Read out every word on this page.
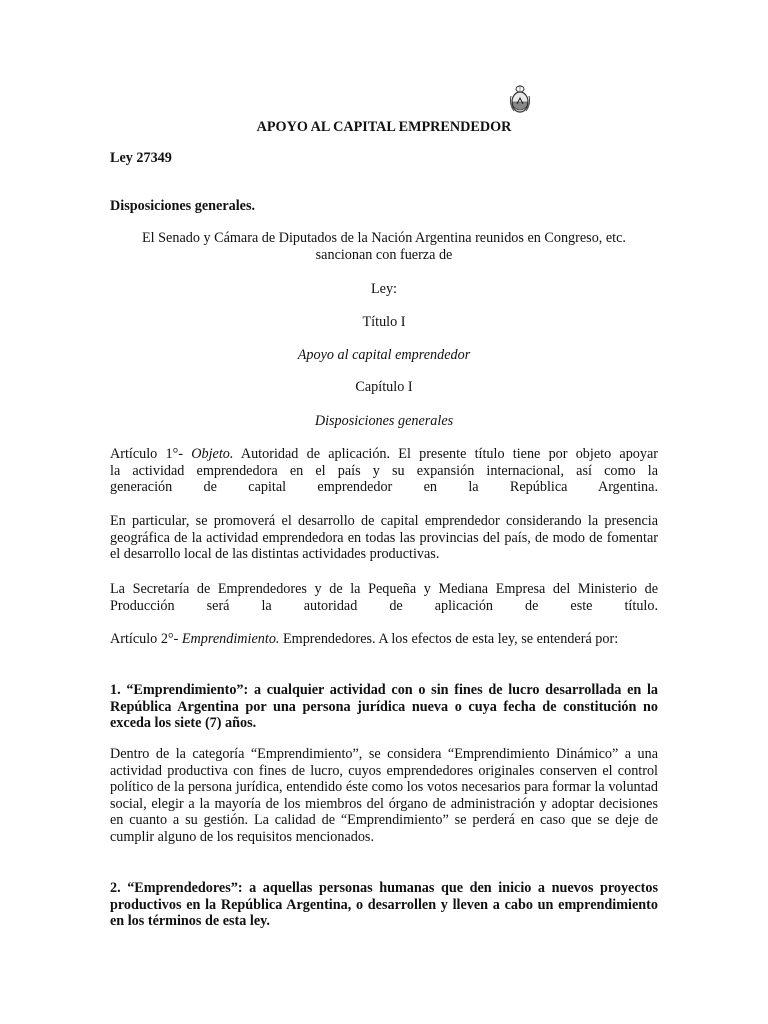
APOYO AL CAPITAL EMPRENDEDOR

Ley 27349

Disposiciones generales.

El Senado y Cámara de Diputados de la Nación Argentina reunidos en Congreso, etc.

sancionan con fuerza de

Ley:

Título I

Apoyo al capital emprendedor

Capítulo I

Disposiciones generales

Artículo 1°- Objeto. Autoridad de aplicación. El presente título tiene por objeto apoyar

la actividad emprendedora en el país y su expansión internacional, así como la

generación de capital emprendedor en la República Argentina.

En particular, se promoverá el desarrollo de capital emprendedor considerando la presencia geográfica de la actividad emprendedora en todas las provincias del país, de modo de fomentar el desarrollo local de las distintas actividades productivas.

La Secretaría de Emprendedores y de la Pequeña y Mediana Empresa del Ministerio de

Producción será la autoridad de aplicación de este título.

Artículo 2°- Emprendimiento. Emprendedores. A los efectos de esta ley, se entenderá por:

1. “Emprendimiento”: a cualquier actividad con o sin fines de lucro desarrollada en la República Argentina por una persona jurídica nueva o cuya fecha de constitución no exceda los siete (7) años.

Dentro de la categoría “Emprendimiento”, se considera “Emprendimiento Dinámico” a una actividad productiva con fines de lucro, cuyos emprendedores originales conserven el control político de la persona jurídica, entendido éste como los votos necesarios para formar la voluntad social, elegir a la mayoría de los miembros del órgano de administración y adoptar decisiones en cuanto a su gestión. La calidad de “Emprendimiento” se perderá en caso que se deje de cumplir alguno de los requisitos mencionados.

2. “Emprendedores”: a aquellas personas humanas que den inicio a nuevos proyectos productivos en la República Argentina, o desarrollen y lleven a cabo un emprendimiento en los términos de esta ley.
